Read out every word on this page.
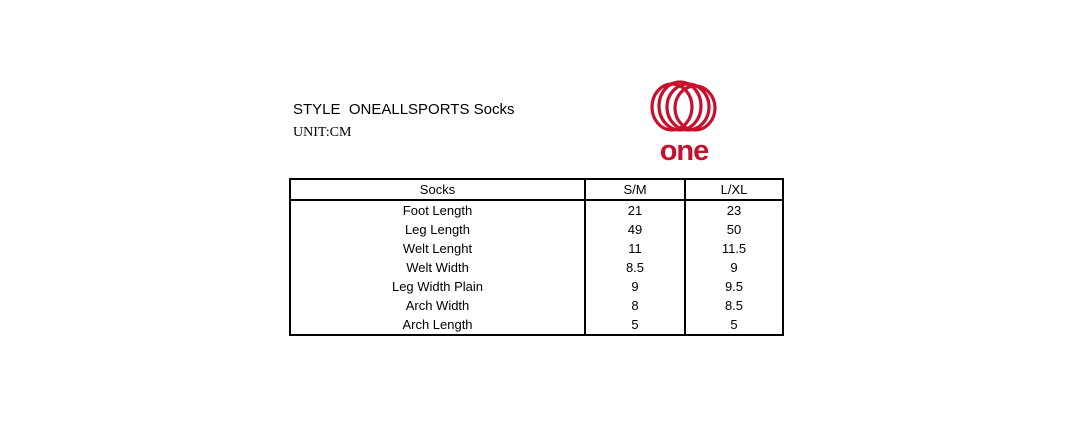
STYLE  ONEALLSPORTS Socks
UNIT:CM
one
Socks	S/M	L/XL
Foot Length	21	23
Leg Length	49	50
Welt Lenght	11	11.5
Welt Width	8.5	9
Leg Width Plain	9	9.5
Arch Width	8	8.5
Arch Length	5	5
